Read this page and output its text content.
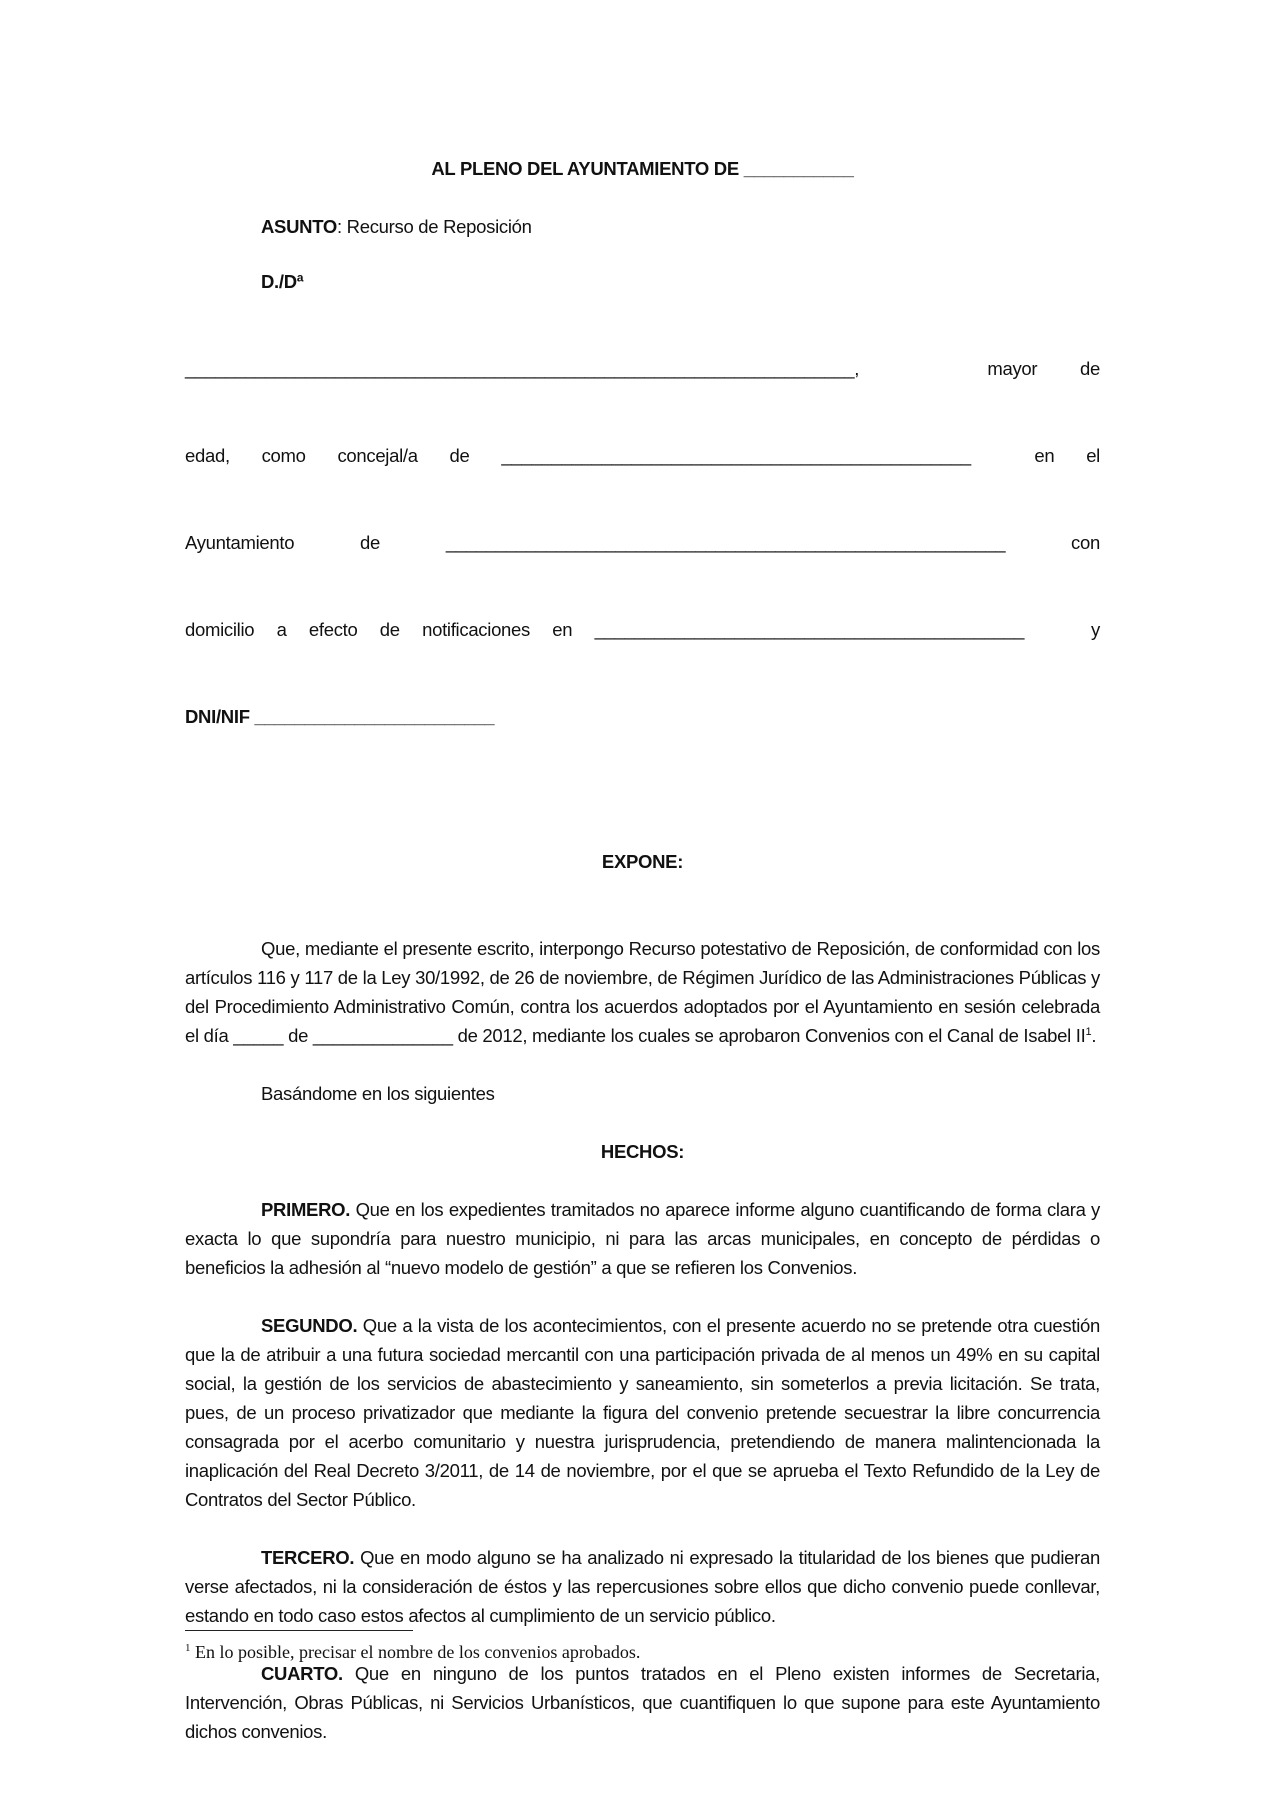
AL PLENO DEL AYUNTAMIENTO DE ___________
ASUNTO: Recurso de Reposición
D./Dª

___________________________________________________________________,   mayor de

edad, como concejal/a de _______________________________________________  en el

Ayuntamiento de ________________________________________________________ con

domicilio a efecto de notificaciones en ___________________________________________   y

DNI/NIF ________________________

EXPONE:
Que, mediante el presente escrito, interpongo Recurso potestativo de Reposición, de conformidad con los artículos 116 y 117 de la Ley 30/1992, de 26 de noviembre, de Régimen Jurídico de las Administraciones Públicas y del Procedimiento Administrativo Común, contra los acuerdos adoptados por el Ayuntamiento en sesión celebrada el día _____ de ______________ de 2012, mediante los cuales se aprobaron Convenios con el Canal de Isabel $II^1$.
Basándome en los siguientes
HECHOS:
PRIMERO. Que en los expedientes tramitados no aparece informe alguno cuantificando de forma clara y exacta lo que supondría para nuestro municipio, ni para las arcas municipales, en concepto de pérdidas o beneficios la adhesión al “nuevo modelo de gestión” a que se refieren los Convenios.
SEGUNDO. Que a la vista de los acontecimientos, con el presente acuerdo no se pretende otra cuestión que la de atribuir a una futura sociedad mercantil con una participación privada de al menos un 49% en su capital social, la gestión de los servicios de abastecimiento y saneamiento, sin someterlos a previa licitación. Se trata, pues, de un proceso privatizador que mediante la figura del convenio pretende secuestrar la libre concurrencia consagrada por el acerbo comunitario y nuestra jurisprudencia, pretendiendo de manera malintencionada la inaplicación del Real Decreto 3/2011, de 14 de noviembre, por el que se aprueba el Texto Refundido de la Ley de Contratos del Sector Público.
TERCERO. Que en modo alguno se ha analizado ni expresado la titularidad de los bienes que pudieran verse afectados, ni la consideración de éstos y las repercusiones sobre ellos que dicho convenio puede conllevar, estando en todo caso estos afectos al cumplimiento de un servicio público.
CUARTO. Que en ninguno de los puntos tratados en el Pleno existen informes de Secretaria, Intervención, Obras Públicas, ni Servicios Urbanísticos, que cuantifiquen lo que supone para este Ayuntamiento dichos convenios.
$^1$ En lo posible, precisar el nombre de los convenios aprobados.
